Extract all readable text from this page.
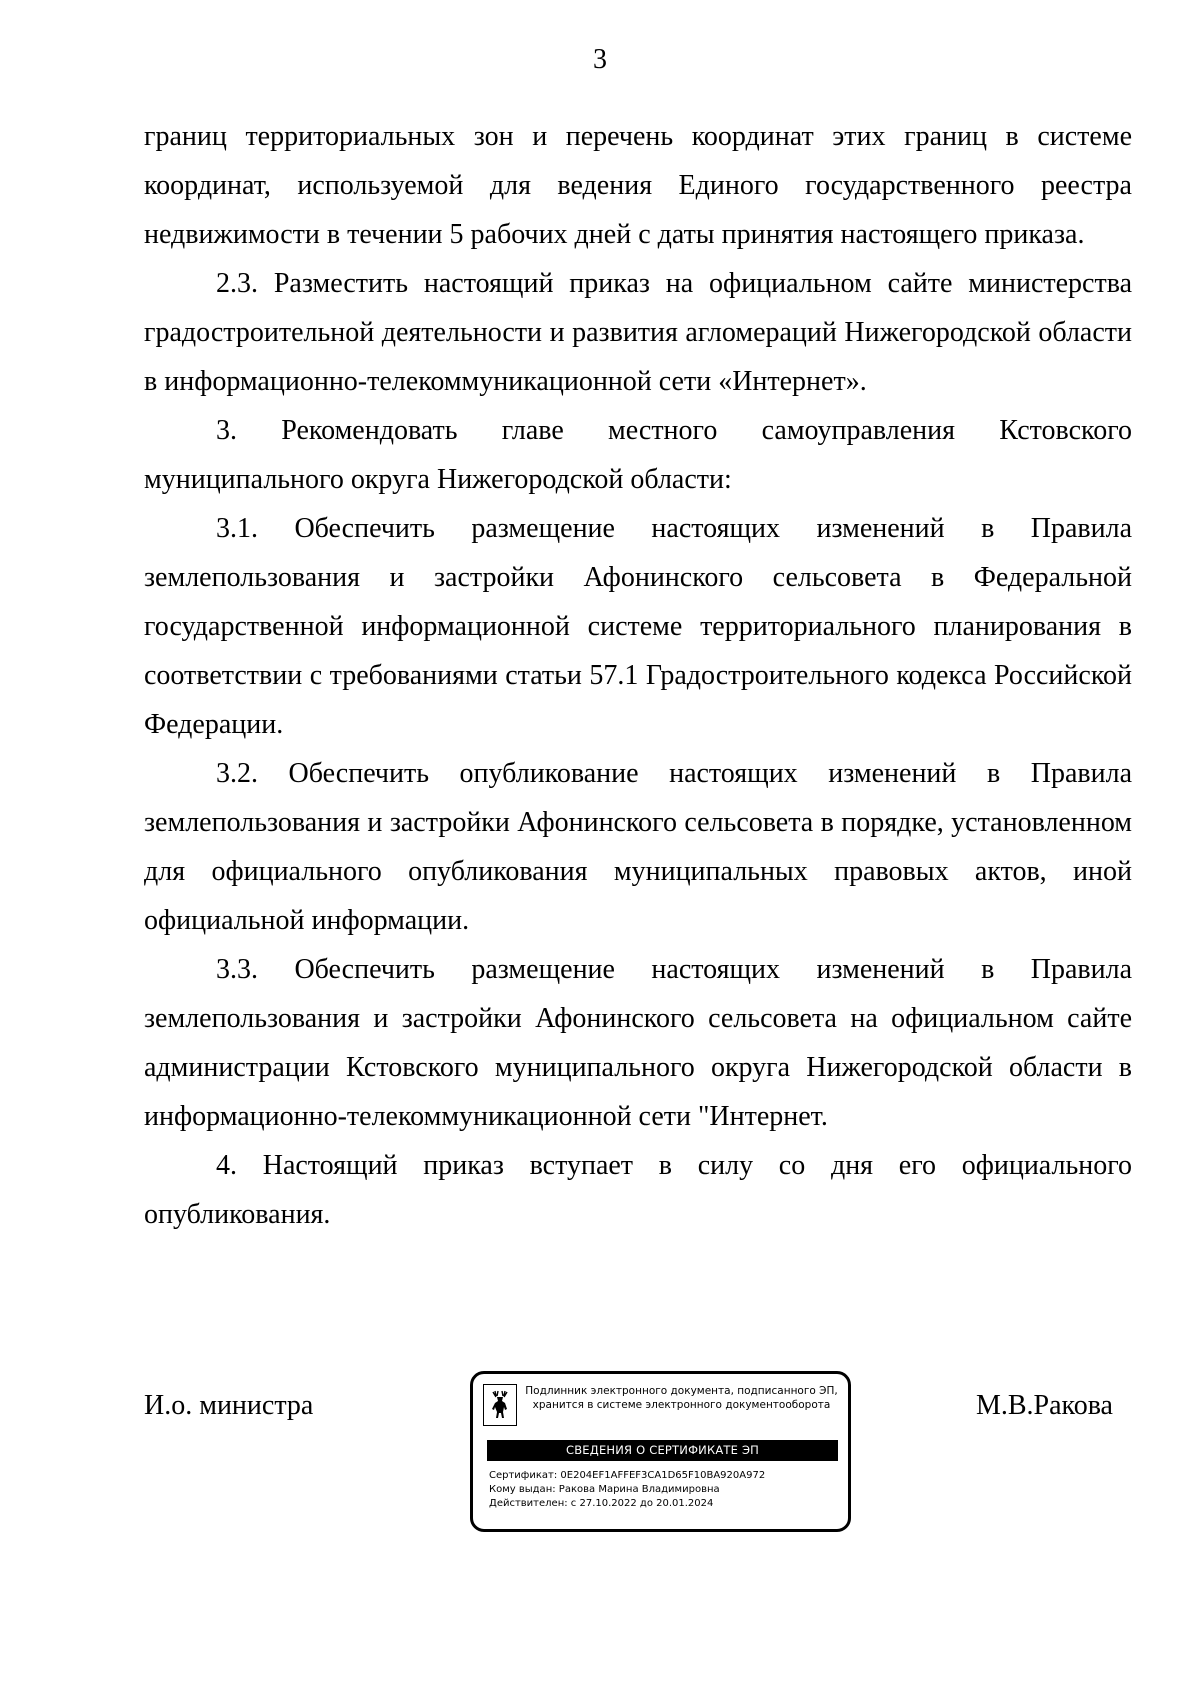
3

границ территориальных зон и перечень координат этих границ в системе координат, используемой для ведения Единого государственного реестра недвижимости в течении 5 рабочих дней с даты принятия настоящего приказа.

2.3. Разместить настоящий приказ на официальном сайте министерства градостроительной деятельности и развития агломераций Нижегородской области в информационно-телекоммуникационной сети «Интернет».

3. Рекомендовать главе местного самоуправления Кстовского муниципального округа Нижегородской области:

3.1. Обеспечить размещение настоящих изменений в Правила землепользования и застройки Афонинского сельсовета в Федеральной государственной информационной системе территориального планирования в соответствии с требованиями статьи 57.1 Градостроительного кодекса Российской Федерации.

3.2. Обеспечить опубликование настоящих изменений в Правила землепользования и застройки Афонинского сельсовета в порядке, установленном для официального опубликования муниципальных правовых актов, иной официальной информации.

3.3. Обеспечить размещение настоящих изменений в Правила землепользования и застройки Афонинского сельсовета на официальном сайте администрации Кстовского муниципального округа Нижегородской области в информационно-телекоммуникационной сети "Интернет.

4. Настоящий приказ вступает в силу со дня его официального опубликования.

И.о. министра	М.В.Ракова
Подлинник электронного документа, подписанного ЭП,
хранится в системе электронного документооборота
СВЕДЕНИЯ О СЕРТИФИКАТЕ ЭП
Сертификат: 0E204EF1AFFEF3CA1D65F10BA920A972
Кому выдан: Ракова Марина Владимировна
Действителен: с 27.10.2022 до 20.01.2024
